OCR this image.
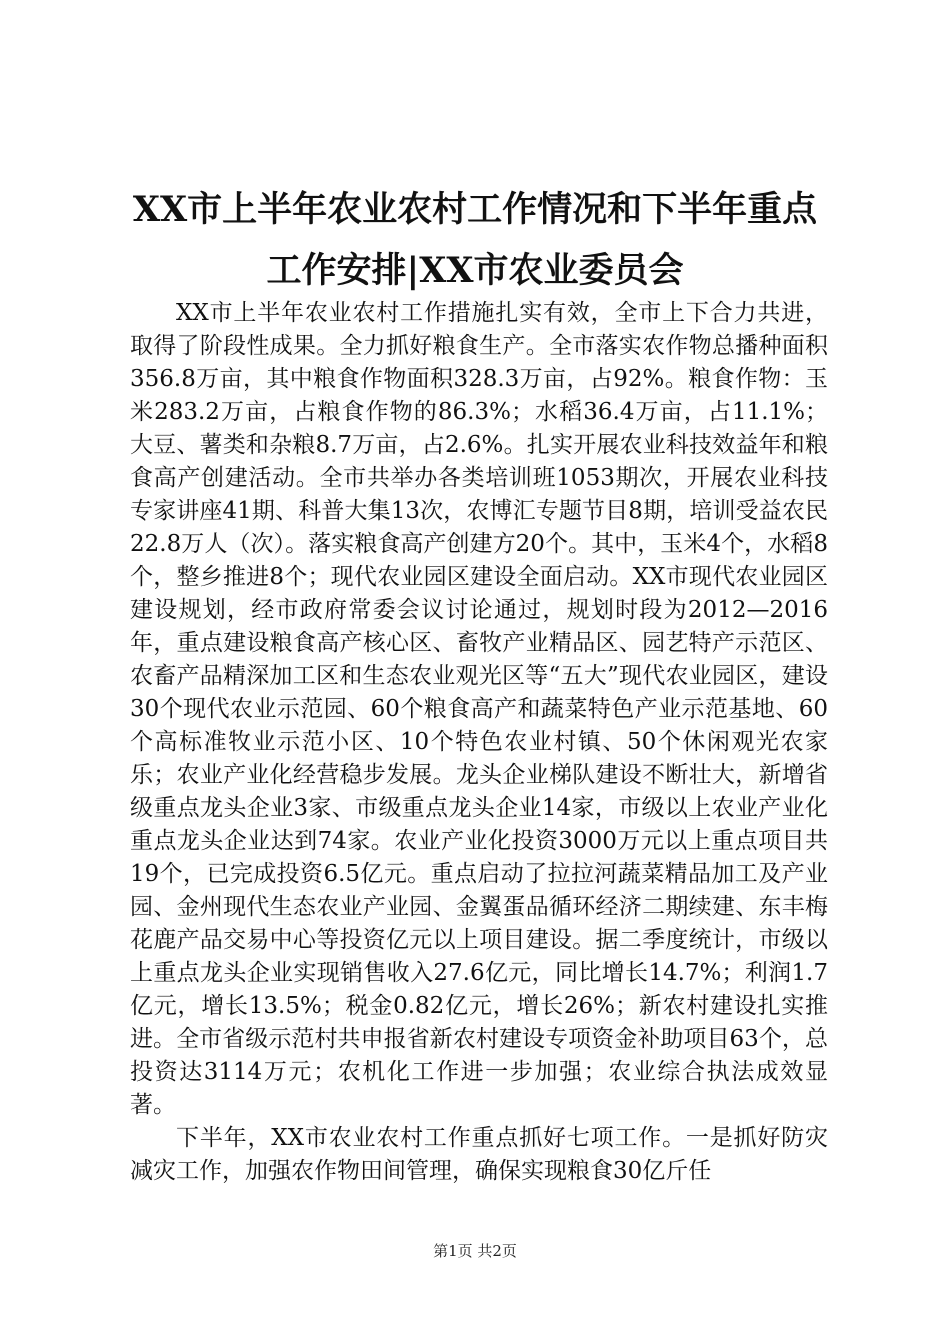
XX市上半年农业农村工作情况和下半年重点
工作安排|XX市农业委员会

XX市上半年农业农村工作措施扎实有效，全市上下合力共进，取得了阶段性成果。全力抓好粮食生产。全市落实农作物总播种面积356.8万亩，其中粮食作物面积328.3万亩，占92%。粮食作物：玉米283.2万亩，占粮食作物的86.3%；水稻36.4万亩，占11.1%；大豆、薯类和杂粮8.7万亩，占2.6%。扎实开展农业科技效益年和粮食高产创建活动。全市共举办各类培训班1053期次，开展农业科技专家讲座41期、科普大集13次，农博汇专题节目8期，培训受益农民22.8万人（次）。落实粮食高产创建方20个。其中，玉米4个，水稻8个，整乡推进8个；现代农业园区建设全面启动。XX市现代农业园区建设规划，经市政府常委会议讨论通过，规划时段为2012—2016年，重点建设粮食高产核心区、畜牧产业精品区、园艺特产示范区、农畜产品精深加工区和生态农业观光区等“五大”现代农业园区，建设30个现代农业示范园、60个粮食高产和蔬菜特色产业示范基地、60个高标准牧业示范小区、10个特色农业村镇、50个休闲观光农家乐；农业产业化经营稳步发展。龙头企业梯队建设不断壮大，新增省级重点龙头企业3家、市级重点龙头企业14家，市级以上农业产业化重点龙头企业达到74家。农业产业化投资3000万元以上重点项目共19个，已完成投资6.5亿元。重点启动了拉拉河蔬菜精品加工及产业园、金州现代生态农业产业园、金翼蛋品循环经济二期续建、东丰梅花鹿产品交易中心等投资亿元以上项目建设。据二季度统计，市级以上重点龙头企业实现销售收入27.6亿元，同比增长14.7%；利润1.7亿元，增长13.5%；税金0.82亿元，增长26%；新农村建设扎实推进。全市省级示范村共申报省新农村建设专项资金补助项目63个，总投资达3114万元；农机化工作进一步加强；农业综合执法成效显著。

下半年，XX市农业农村工作重点抓好七项工作。一是抓好防灾减灾工作，加强农作物田间管理，确保实现粮食30亿斤任

第1页 共2页
